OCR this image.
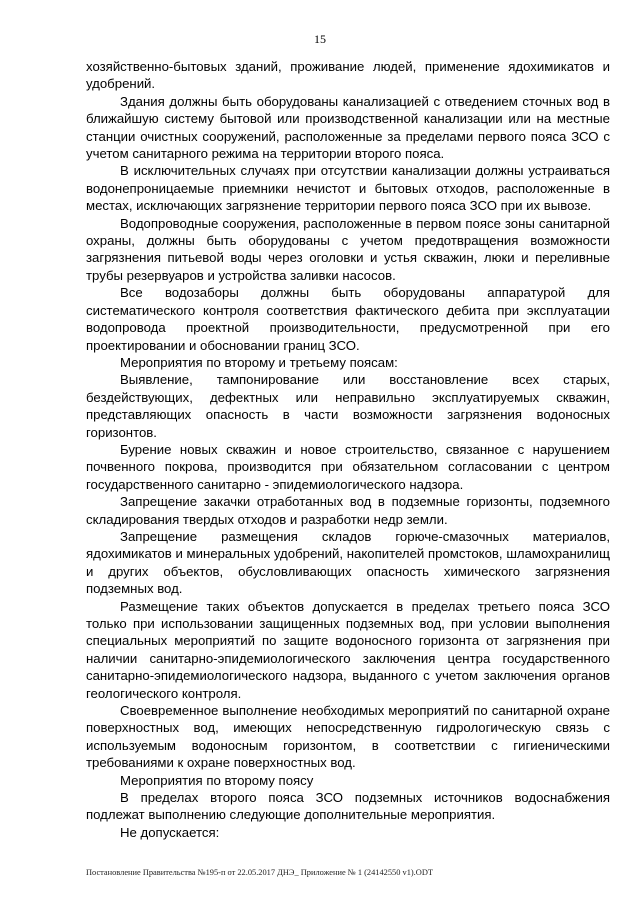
15

хозяйственно-бытовых зданий, проживание людей, применение ядохимикатов и удобрений.

Здания должны быть оборудованы канализацией с отведением сточных вод в ближайшую систему бытовой или производственной канализации или на местные станции очистных сооружений, расположенные за пределами первого пояса ЗСО с учетом санитарного режима на территории второго пояса.

В исключительных случаях при отсутствии канализации должны устраиваться водонепроницаемые приемники нечистот и бытовых отходов, расположенные в местах, исключающих загрязнение территории первого пояса ЗСО при их вывозе.

Водопроводные сооружения, расположенные в первом поясе зоны санитарной охраны, должны быть оборудованы с учетом предотвращения возможности загрязнения питьевой воды через оголовки и устья скважин, люки и переливные трубы резервуаров и устройства заливки насосов.

Все водозаборы должны быть оборудованы аппаратурой для систематического контроля соответствия фактического дебита при эксплуатации водопровода проектной производительности, предусмотренной при его проектировании и обосновании границ ЗСО.

Мероприятия по второму и третьему поясам:

Выявление, тампонирование или восстановление всех старых, бездействующих, дефектных или неправильно эксплуатируемых скважин, представляющих опасность в части возможности загрязнения водоносных горизонтов.

Бурение новых скважин и новое строительство, связанное с нарушением почвенного покрова, производится при обязательном согласовании с центром государственного санитарно - эпидемиологического надзора.

Запрещение закачки отработанных вод в подземные горизонты, подземного складирования твердых отходов и разработки недр земли.

Запрещение размещения складов горюче-смазочных материалов, ядохимикатов и минеральных удобрений, накопителей промстоков, шламохранилищ и других объектов, обусловливающих опасность химического загрязнения подземных вод.

Размещение таких объектов допускается в пределах третьего пояса ЗСО только при использовании защищенных подземных вод, при условии выполнения специальных мероприятий по защите водоносного горизонта от загрязнения при наличии санитарно-эпидемиологического заключения центра государственного санитарно-эпидемиологического надзора, выданного с учетом заключения органов геологического контроля.

Своевременное выполнение необходимых мероприятий по санитарной охране поверхностных вод, имеющих непосредственную гидрологическую связь с используемым водоносным горизонтом, в соответствии с гигиеническими требованиями к охране поверхностных вод.

Мероприятия по второму поясу

В пределах второго пояса ЗСО подземных источников водоснабжения подлежат выполнению следующие дополнительные мероприятия.

Не допускается:

Постановление Правительства №195-п от 22.05.2017 ДНЭ_ Приложение № 1 (24142550 v1).ODT
